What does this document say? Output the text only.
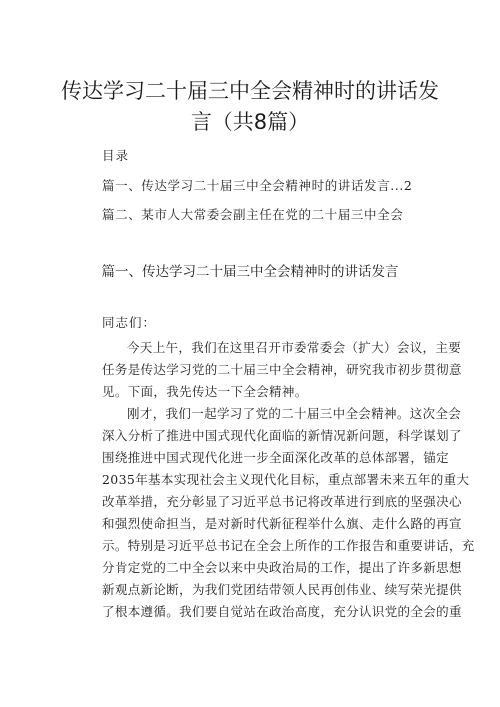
传达学习二十届三中全会精神时的讲话发
言（共8篇）
目录
篇一、传达学习二十届三中全会精神时的讲话发言...2
篇二、某市人大常委会副主任在党的二十届三中全会
篇一、传达学习二十届三中全会精神时的讲话发言
同志们：
今天上午，我们在这里召开市委常委会（扩大）会议，主要
任务是传达学习党的二十届三中全会精神，研究我市初步贯彻意
见。下面，我先传达一下全会精神。
刚才，我们一起学习了党的二十届三中全会精神。这次全会
深入分析了推进中国式现代化面临的新情况新问题，科学谋划了
围绕推进中国式现代化进一步全面深化改革的总体部署，锚定
2035年基本实现社会主义现代化目标，重点部署未来五年的重大
改革举措，充分彰显了习近平总书记将改革进行到底的坚强决心
和强烈使命担当，是对新时代新征程举什么旗、走什么路的再宣
示。特别是习近平总书记在全会上所作的工作报告和重要讲话，充
分肯定党的二中全会以来中央政治局的工作，提出了许多新思想
新观点新论断，为我们党团结带领人民再创伟业、续写荣光提供
了根本遵循。我们要自觉站在政治高度，充分认识党的全会的重
